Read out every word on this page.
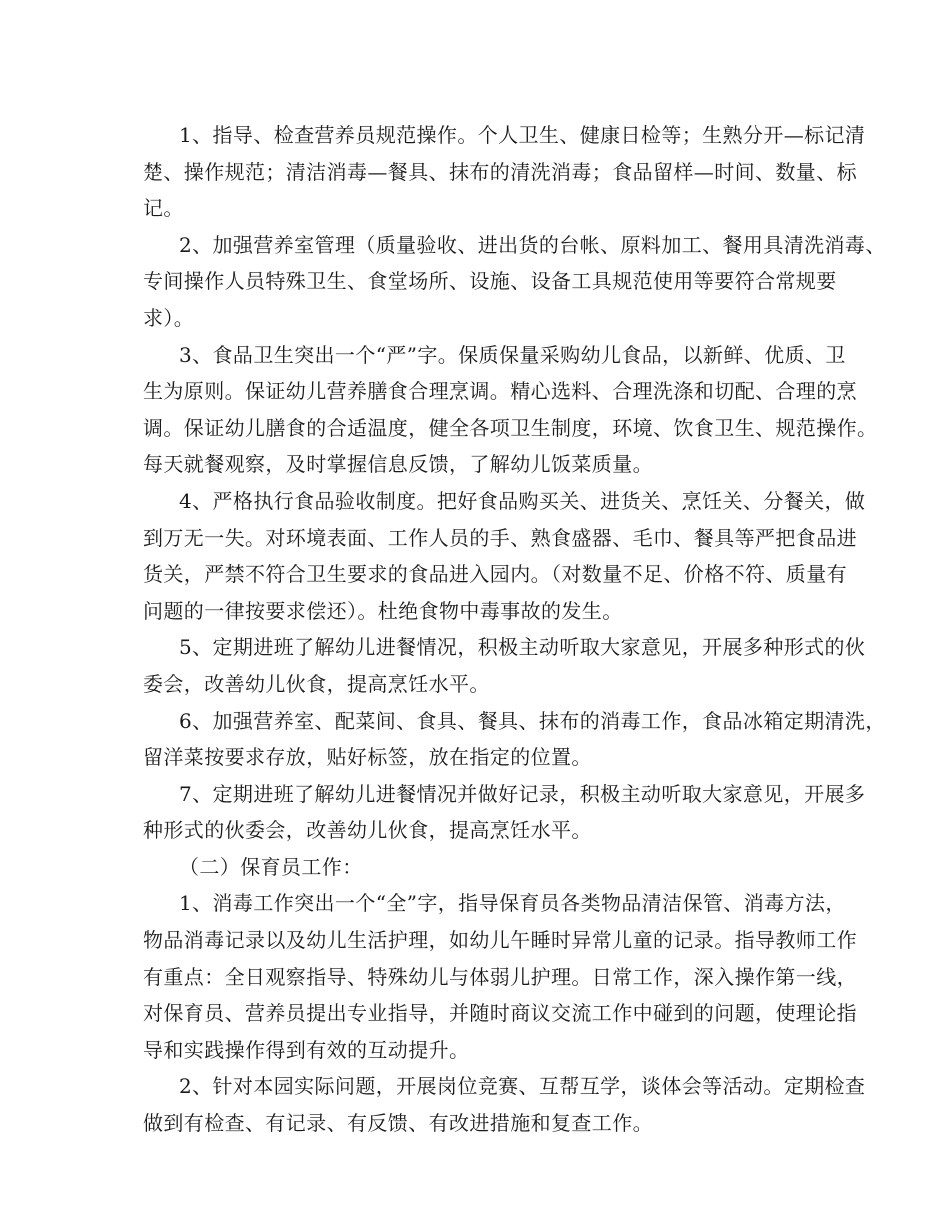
1、指导、检查营养员规范操作。个人卫生、健康日检等；生熟分开—标记清
楚、操作规范；清洁消毒—餐具、抹布的清洗消毒；食品留样—时间、数量、标
记。
2、加强营养室管理（质量验收、进出货的台帐、原料加工、餐用具清洗消毒、
专间操作人员特殊卫生、食堂场所、设施、设备工具规范使用等要符合常规要
求）。
3、食品卫生突出一个“严”字。保质保量采购幼儿食品，以新鲜、优质、卫
生为原则。保证幼儿营养膳食合理烹调。精心选料、合理洗涤和切配、合理的烹
调。保证幼儿膳食的合适温度，健全各项卫生制度，环境、饮食卫生、规范操作。
每天就餐观察，及时掌握信息反馈，了解幼儿饭菜质量。
4、严格执行食品验收制度。把好食品购买关、进货关、烹饪关、分餐关，做
到万无一失。对环境表面、工作人员的手、熟食盛器、毛巾、餐具等严把食品进
货关，严禁不符合卫生要求的食品进入园内。（对数量不足、价格不符、质量有
问题的一律按要求偿还）。杜绝食物中毒事故的发生。
5、定期进班了解幼儿进餐情况，积极主动听取大家意见，开展多种形式的伙
委会，改善幼儿伙食，提高烹饪水平。
6、加强营养室、配菜间、食具、餐具、抹布的消毒工作，食品冰箱定期清洗，
留洋菜按要求存放，贴好标签，放在指定的位置。
7、定期进班了解幼儿进餐情况并做好记录，积极主动听取大家意见，开展多
种形式的伙委会，改善幼儿伙食，提高烹饪水平。
（二）保育员工作：
1、消毒工作突出一个“全”字，指导保育员各类物品清洁保管、消毒方法，
物品消毒记录以及幼儿生活护理，如幼儿午睡时异常儿童的记录。指导教师工作
有重点：全日观察指导、特殊幼儿与体弱儿护理。日常工作，深入操作第一线，
对保育员、营养员提出专业指导，并随时商议交流工作中碰到的问题，使理论指
导和实践操作得到有效的互动提升。
2、针对本园实际问题，开展岗位竞赛、互帮互学，谈体会等活动。定期检查
做到有检查、有记录、有反馈、有改进措施和复查工作。
